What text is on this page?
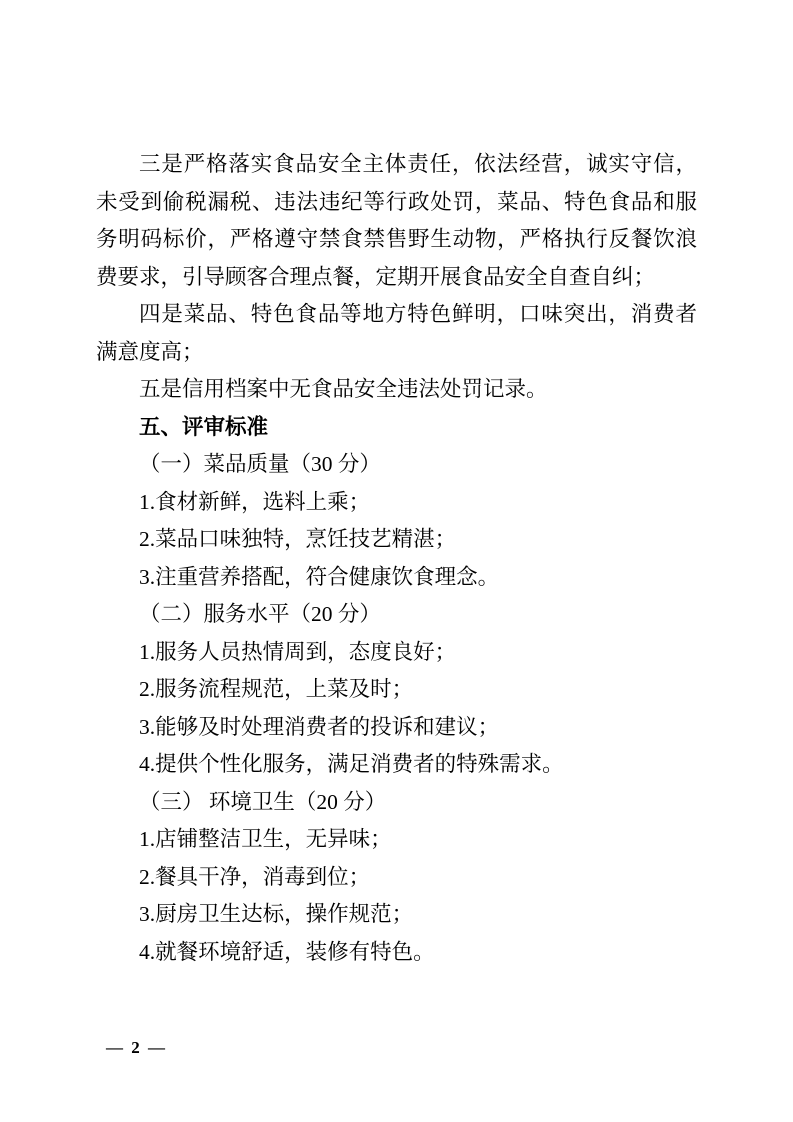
三是严格落实食品安全主体责任，依法经营，诚实守信，未受到偷税漏税、违法违纪等行政处罚，菜品、特色食品和服务明码标价，严格遵守禁食禁售野生动物，严格执行反餐饮浪费要求，引导顾客合理点餐，定期开展食品安全自查自纠；

四是菜品、特色食品等地方特色鲜明，口味突出，消费者满意度高；

五是信用档案中无食品安全违法处罚记录。

五、评审标准

（一）菜品质量（30 分）

1.食材新鲜，选料上乘；

2.菜品口味独特，烹饪技艺精湛；

3.注重营养搭配，符合健康饮食理念。

（二）服务水平（20 分）

1.服务人员热情周到，态度良好；

2.服务流程规范，上菜及时；

3.能够及时处理消费者的投诉和建议；

4.提供个性化服务，满足消费者的特殊需求。

（三） 环境卫生（20 分）

1.店铺整洁卫生，无异味；

2.餐具干净，消毒到位；

3.厨房卫生达标，操作规范；

4.就餐环境舒适，装修有特色。

— 2 —
